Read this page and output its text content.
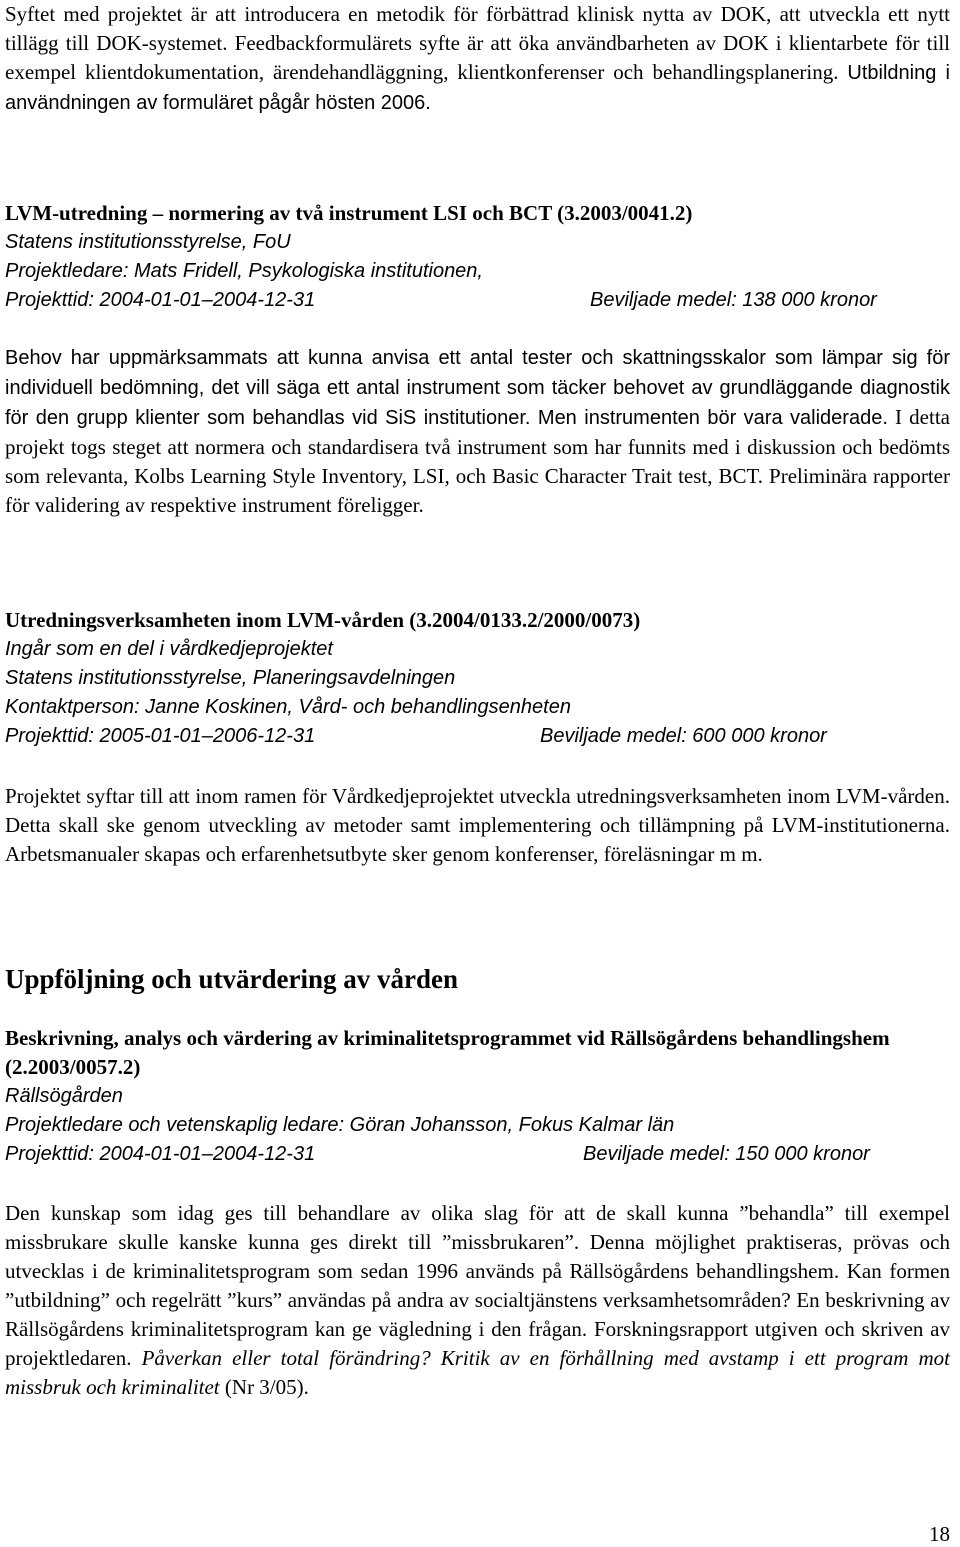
Syftet med projektet är att introducera en metodik för förbättrad klinisk nytta av DOK, att utveckla ett nytt tillägg till DOK-systemet. Feedbackformulärets syfte är att öka användbarheten av DOK i klientarbete för till exempel klientdokumentation, ärendehandläggning, klientkonferenser och behandlingsplanering. Utbildning i användningen av formuläret pågår hösten 2006.
LVM-utredning – normering av två instrument LSI och BCT (3.2003/0041.2)
Statens institutionsstyrelse, FoU
Projektledare: Mats Fridell, Psykologiska institutionen,
Projekttid: 2004-01-01–2004-12-31	Beviljade medel: 138 000 kronor
Behov har uppmärksammats att kunna anvisa ett antal tester och skattningsskalor som lämpar sig för individuell bedömning, det vill säga ett antal instrument som täcker behovet av grundläggande diagnostik för den grupp klienter som behandlas vid SiS institutioner. Men instrumenten bör vara validerade. I detta projekt togs steget att normera och standardisera två instrument som har funnits med i diskussion och bedömts som relevanta, Kolbs Learning Style Inventory, LSI, och Basic Character Trait test, BCT. Preliminära rapporter för validering av respektive instrument föreligger.
Utredningsverksamheten inom LVM-vården (3.2004/0133.2/2000/0073)
Ingår som en del i vårdkedjeprojektet
Statens institutionsstyrelse, Planeringsavdelningen
Kontaktperson: Janne Koskinen, Vård- och behandlingsenheten
Projekttid: 2005-01-01–2006-12-31	Beviljade medel: 600 000 kronor
Projektet syftar till att inom ramen för Vårdkedjeprojektet utveckla utredningsverksamheten inom LVM-vården. Detta skall ske genom utveckling av metoder samt implementering och tillämpning på LVM-institutionerna. Arbetsmanualer skapas och erfarenhetsutbyte sker genom konferenser, föreläsningar m m.
Uppföljning och utvärdering av vården
Beskrivning, analys och värdering av kriminalitetsprogrammet vid Rällsögårdens behandlingshem (2.2003/0057.2)
Rällsögården
Projektledare och vetenskaplig ledare: Göran Johansson, Fokus Kalmar län
Projekttid: 2004-01-01–2004-12-31	Beviljade medel: 150 000 kronor
Den kunskap som idag ges till behandlare av olika slag för att de skall kunna ”behandla” till exempel missbrukare skulle kanske kunna ges direkt till ”missbrukaren”. Denna möjlighet praktiseras, prövas och utvecklas i de kriminalitetsprogram som sedan 1996 används på Rällsögårdens behandlingshem. Kan formen ”utbildning” och regelrätt ”kurs” användas på andra av socialtjänstens verksamhetsområden? En beskrivning av Rällsögårdens kriminalitetsprogram kan ge vägledning i den frågan. Forskningsrapport utgiven och skriven av projektledaren. Påverkan eller total förändring? Kritik av en förhållning med avstamp i ett program mot missbruk och kriminalitet (Nr 3/05).
18
